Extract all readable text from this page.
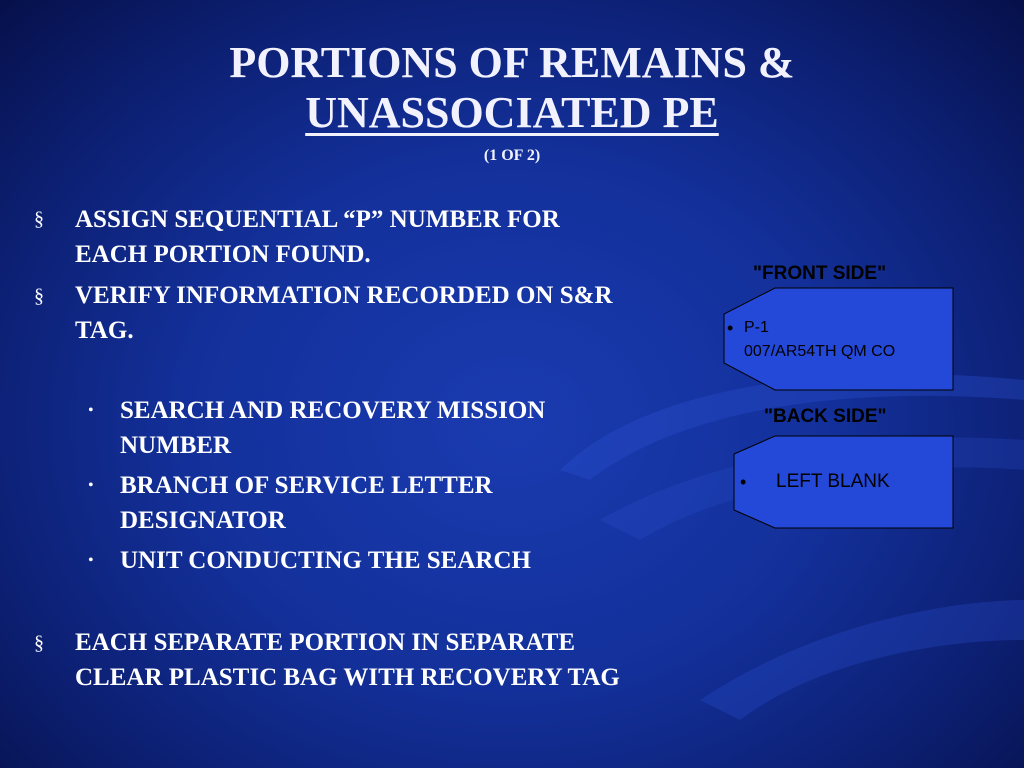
PORTIONS OF REMAINS &
UNASSOCIATED PE
(1 OF 2)
§ ASSIGN SEQUENTIAL “P” NUMBER FOR
EACH PORTION FOUND.
§ VERIFY INFORMATION RECORDED ON S&R
TAG.
• SEARCH AND RECOVERY MISSION
NUMBER
• BRANCH OF SERVICE LETTER
DESIGNATOR
• UNIT CONDUCTING THE SEARCH
§ EACH SEPARATE PORTION IN SEPARATE
CLEAR PLASTIC BAG WITH RECOVERY TAG
"FRONT SIDE"
• P-1
007/AR54TH QM CO
"BACK SIDE"
• LEFT BLANK
